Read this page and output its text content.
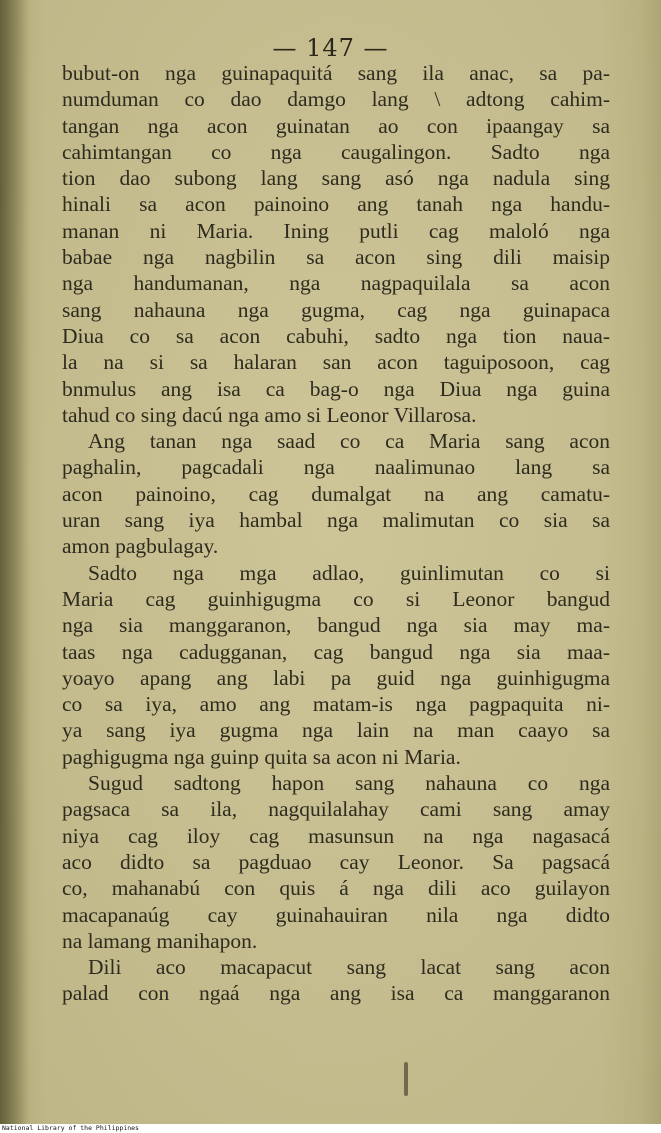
— 147 —
bubut-on nga guinapaquitá sang ila anac, sa pa-
numduman co dao damgo lang \ adtong cahim-
tangan nga acon guinatan ao con ipaangay sa
cahimtangan co nga caugalingon. Sadto nga
tion dao subong lang sang asó nga nadula sing
hinali sa acon painoino ang tanah nga handu-
manan ni Maria. Ining putli cag maloló nga
babae nga nagbilin sa acon sing dili maisip
nga handumanan, nga nagpaquilala sa acon
sang nahauna nga gugma, cag nga guinapaca
Diua co sa acon cabuhi, sadto nga tion naua-
la na si sa halaran san acon taguiposoon, cag
bnmulus ang isa ca bag-o nga Diua nga guina
tahud co sing dacú nga amo si Leonor Villarosa.
Ang tanan nga saad co ca Maria sang acon
paghalin, pagcadali nga naalimunao lang sa
acon painoino, cag dumalgat na ang camatu-
uran sang iya hambal nga malimutan co sia sa
amon pagbulagay.
Sadto nga mga adlao, guinlimutan co si
Maria cag guinhigugma co si Leonor bangud
nga sia manggaranon, bangud nga sia may ma-
taas nga cadugganan, cag bangud nga sia maa-
yoayo apang ang labi pa guid nga guinhigugma
co sa iya, amo ang matam-is nga pagpaquita ni-
ya sang iya gugma nga lain na man caayo sa
paghigugma nga guinp quita sa acon ni Maria.
Sugud sadtong hapon sang nahauna co nga
pagsaca sa ila, nagquilalahay cami sang amay
niya cag iloy cag masunsun na nga nagasacá
aco didto sa pagduao cay Leonor. Sa pagsacá
co, mahanabú con quis á nga dili aco guilayon
macapanaúg cay guinahauiran nila nga didto
na lamang manihapon.
Dili aco macapacut sang lacat sang acon
palad con ngaá nga ang isa ca manggaranon
National Library of the Philippines
